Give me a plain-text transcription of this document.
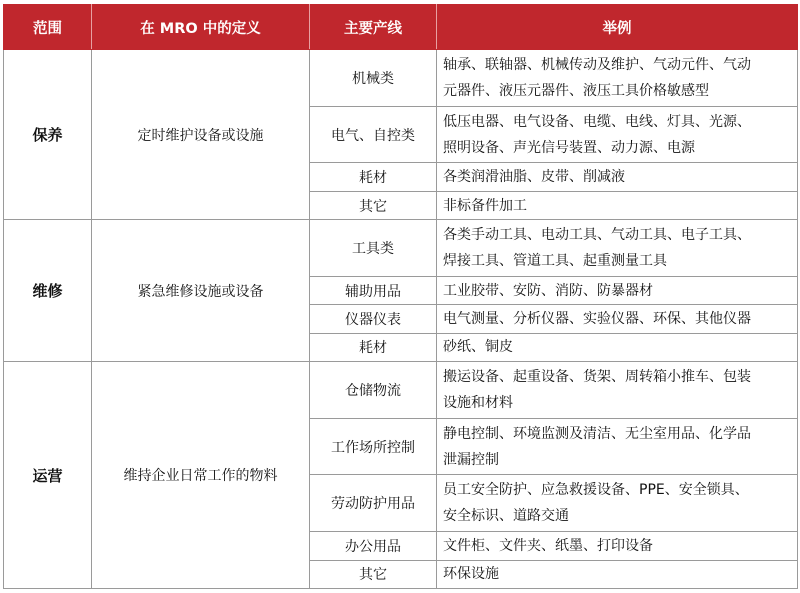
范围	在 MRO 中的定义	主要产线	举例
保养	定时维护设备或设施	机械类	轴承、联轴器、机械传动及维护、气动元件、气动
元器件、液压元器件、液压工具价格敏感型

		电气、自控类	低压电器、电气设备、电缆、电线、灯具、光源、
照明设备、声光信号装置、动力源、电源

		耗材	各类润滑油脂、皮带、削减液

		其它	非标备件加工

维修	紧急维修设施或设备	工具类	各类手动工具、电动工具、气动工具、电子工具、
焊接工具、管道工具、起重测量工具

		辅助用品	工业胶带、安防、消防、防暴器材

		仪器仪表	电气测量、分析仪器、实验仪器、环保、其他仪器

		耗材	砂纸、铜皮

运营	维持企业日常工作的物料	仓储物流	搬运设备、起重设备、货架、周转箱小推车、包装
设施和材料

		工作场所控制	静电控制、环境监测及清洁、无尘室用品、化学品
泄漏控制

		劳动防护用品	员工安全防护、应急救援设备、PPE、安全锁具、
安全标识、道路交通

		办公用品	文件柜、文件夹、纸墨、打印设备

		其它	环保设施
